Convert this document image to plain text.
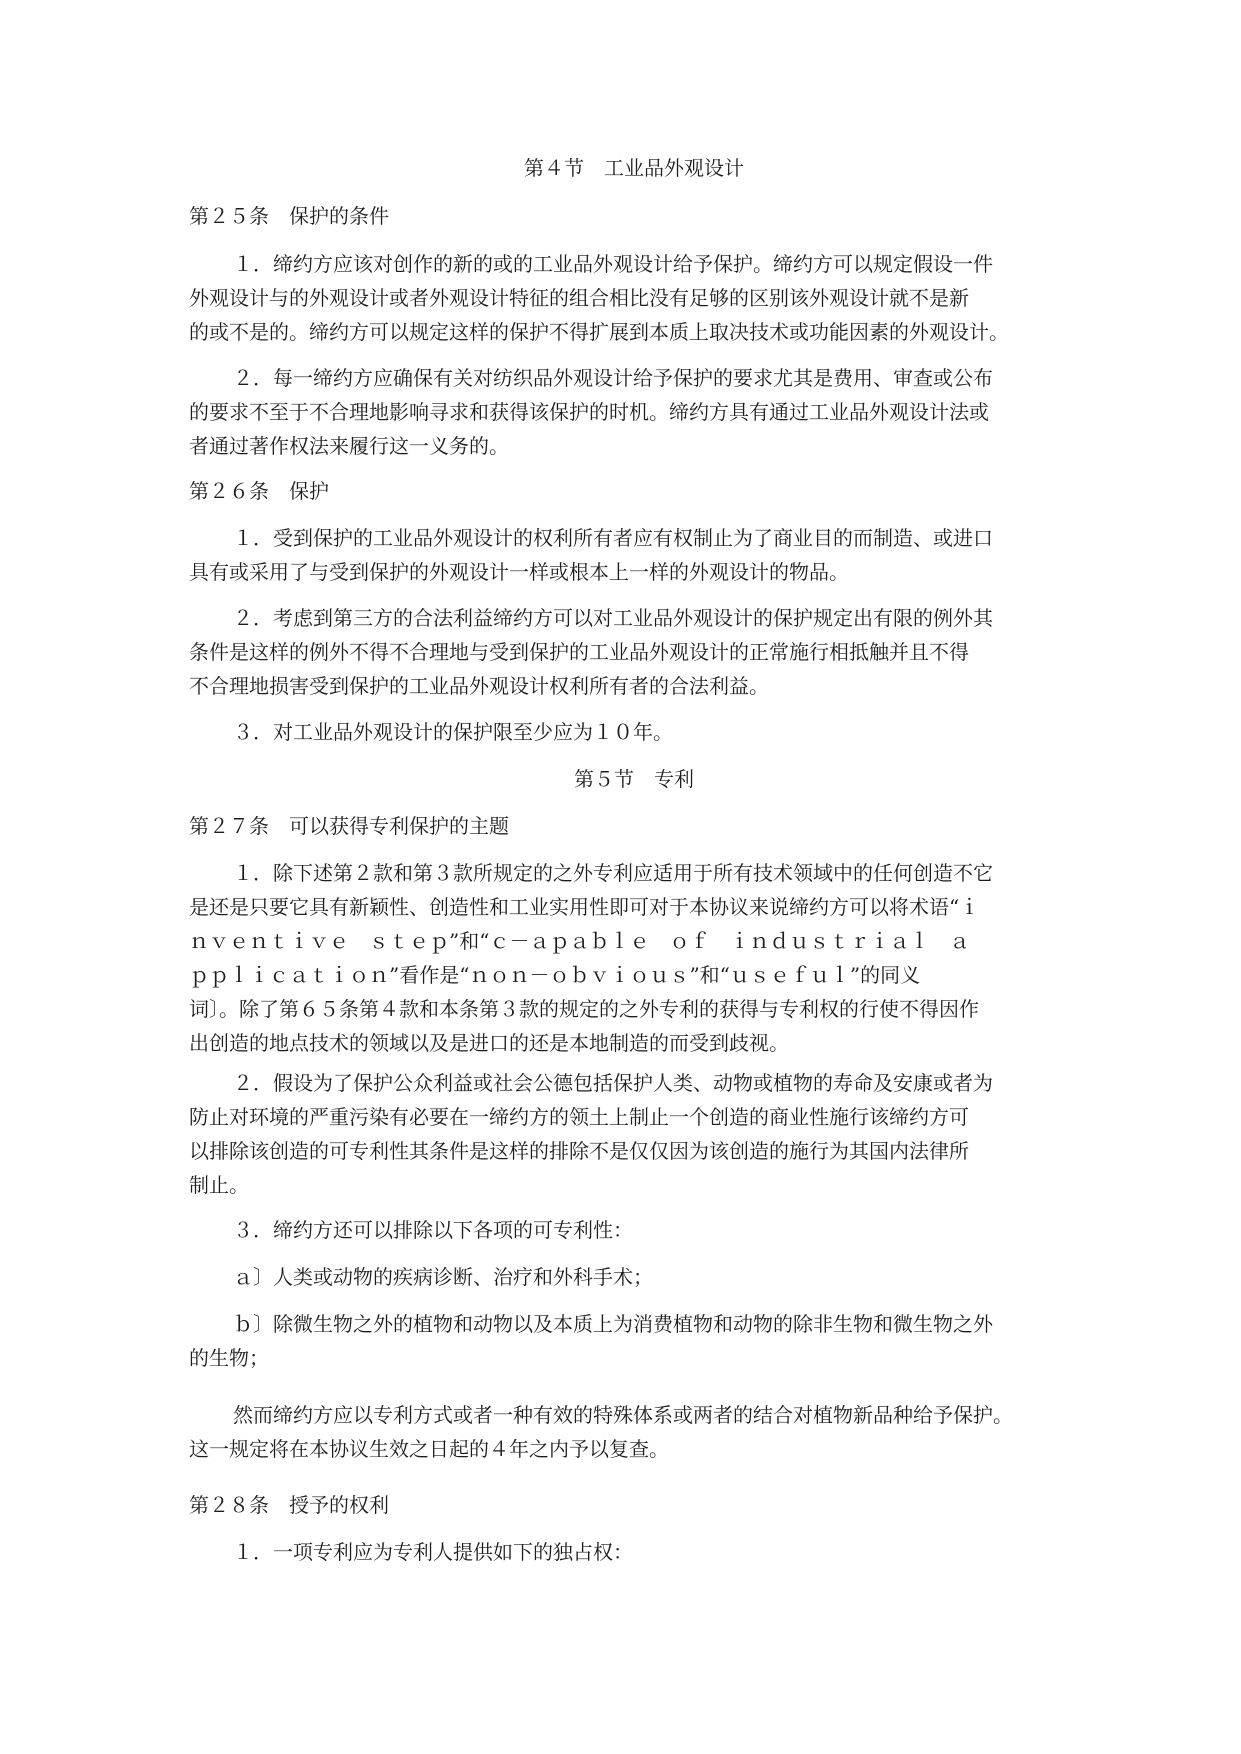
第４节　工业品外观设计
第２５条　保护的条件
１．缔约方应该对创作的新的或的工业品外观设计给予保护。缔约方可以规定假设一件
外观设计与的外观设计或者外观设计特征的组合相比没有足够的区别该外观设计就不是新
的或不是的。缔约方可以规定这样的保护不得扩展到本质上取决技术或功能因素的外观设计。
２．每一缔约方应确保有关对纺织品外观设计给予保护的要求尤其是费用、审查或公布
的要求不至于不合理地影响寻求和获得该保护的时机。缔约方具有通过工业品外观设计法或
者通过著作权法来履行这一义务的。
第２６条　保护
１．受到保护的工业品外观设计的权利所有者应有权制止为了商业目的而制造、或进口
具有或采用了与受到保护的外观设计一样或根本上一样的外观设计的物品。
２．考虑到第三方的合法利益缔约方可以对工业品外观设计的保护规定出有限的例外其
条件是这样的例外不得不合理地与受到保护的工业品外观设计的正常施行相抵触并且不得
不合理地损害受到保护的工业品外观设计权利所有者的合法利益。
３．对工业品外观设计的保护限至少应为１０年。
第５节　专利
第２７条　可以获得专利保护的主题
１．除下述第２款和第３款所规定的之外专利应适用于所有技术领域中的任何创造不它
是还是只要它具有新颖性、创造性和工业实用性即可对于本协议来说缔约方可以将术语“ｉ
ｎｖｅｎｔｉｖｅ　ｓｔｅｐ”和“ｃ－ａｐａｂｌｅ　ｏｆ　ｉｎｄｕｓｔｒｉａｌ　ａ
ｐｐｌｉｃａｔｉｏｎ”看作是“ｎｏｎ－ｏｂｖｉｏｕｓ”和“ｕｓｅｆｕｌ”的同义
词〕。除了第６５条第４款和本条第３款的规定的之外专利的获得与专利权的行使不得因作
出创造的地点技术的领域以及是进口的还是本地制造的而受到歧视。
２．假设为了保护公众利益或社会公德包括保护人类、动物或植物的寿命及安康或者为
防止对环境的严重污染有必要在一缔约方的领土上制止一个创造的商业性施行该缔约方可
以排除该创造的可专利性其条件是这样的排除不是仅仅因为该创造的施行为其国内法律所
制止。
３．缔约方还可以排除以下各项的可专利性：
ａ〕人类或动物的疾病诊断、治疗和外科手术；
ｂ〕除微生物之外的植物和动物以及本质上为消费植物和动物的除非生物和微生物之外
的生物；
然而缔约方应以专利方式或者一种有效的特殊体系或两者的结合对植物新品种给予保护。
这一规定将在本协议生效之日起的４年之内予以复查。
第２８条　授予的权利
１．一项专利应为专利人提供如下的独占权：
